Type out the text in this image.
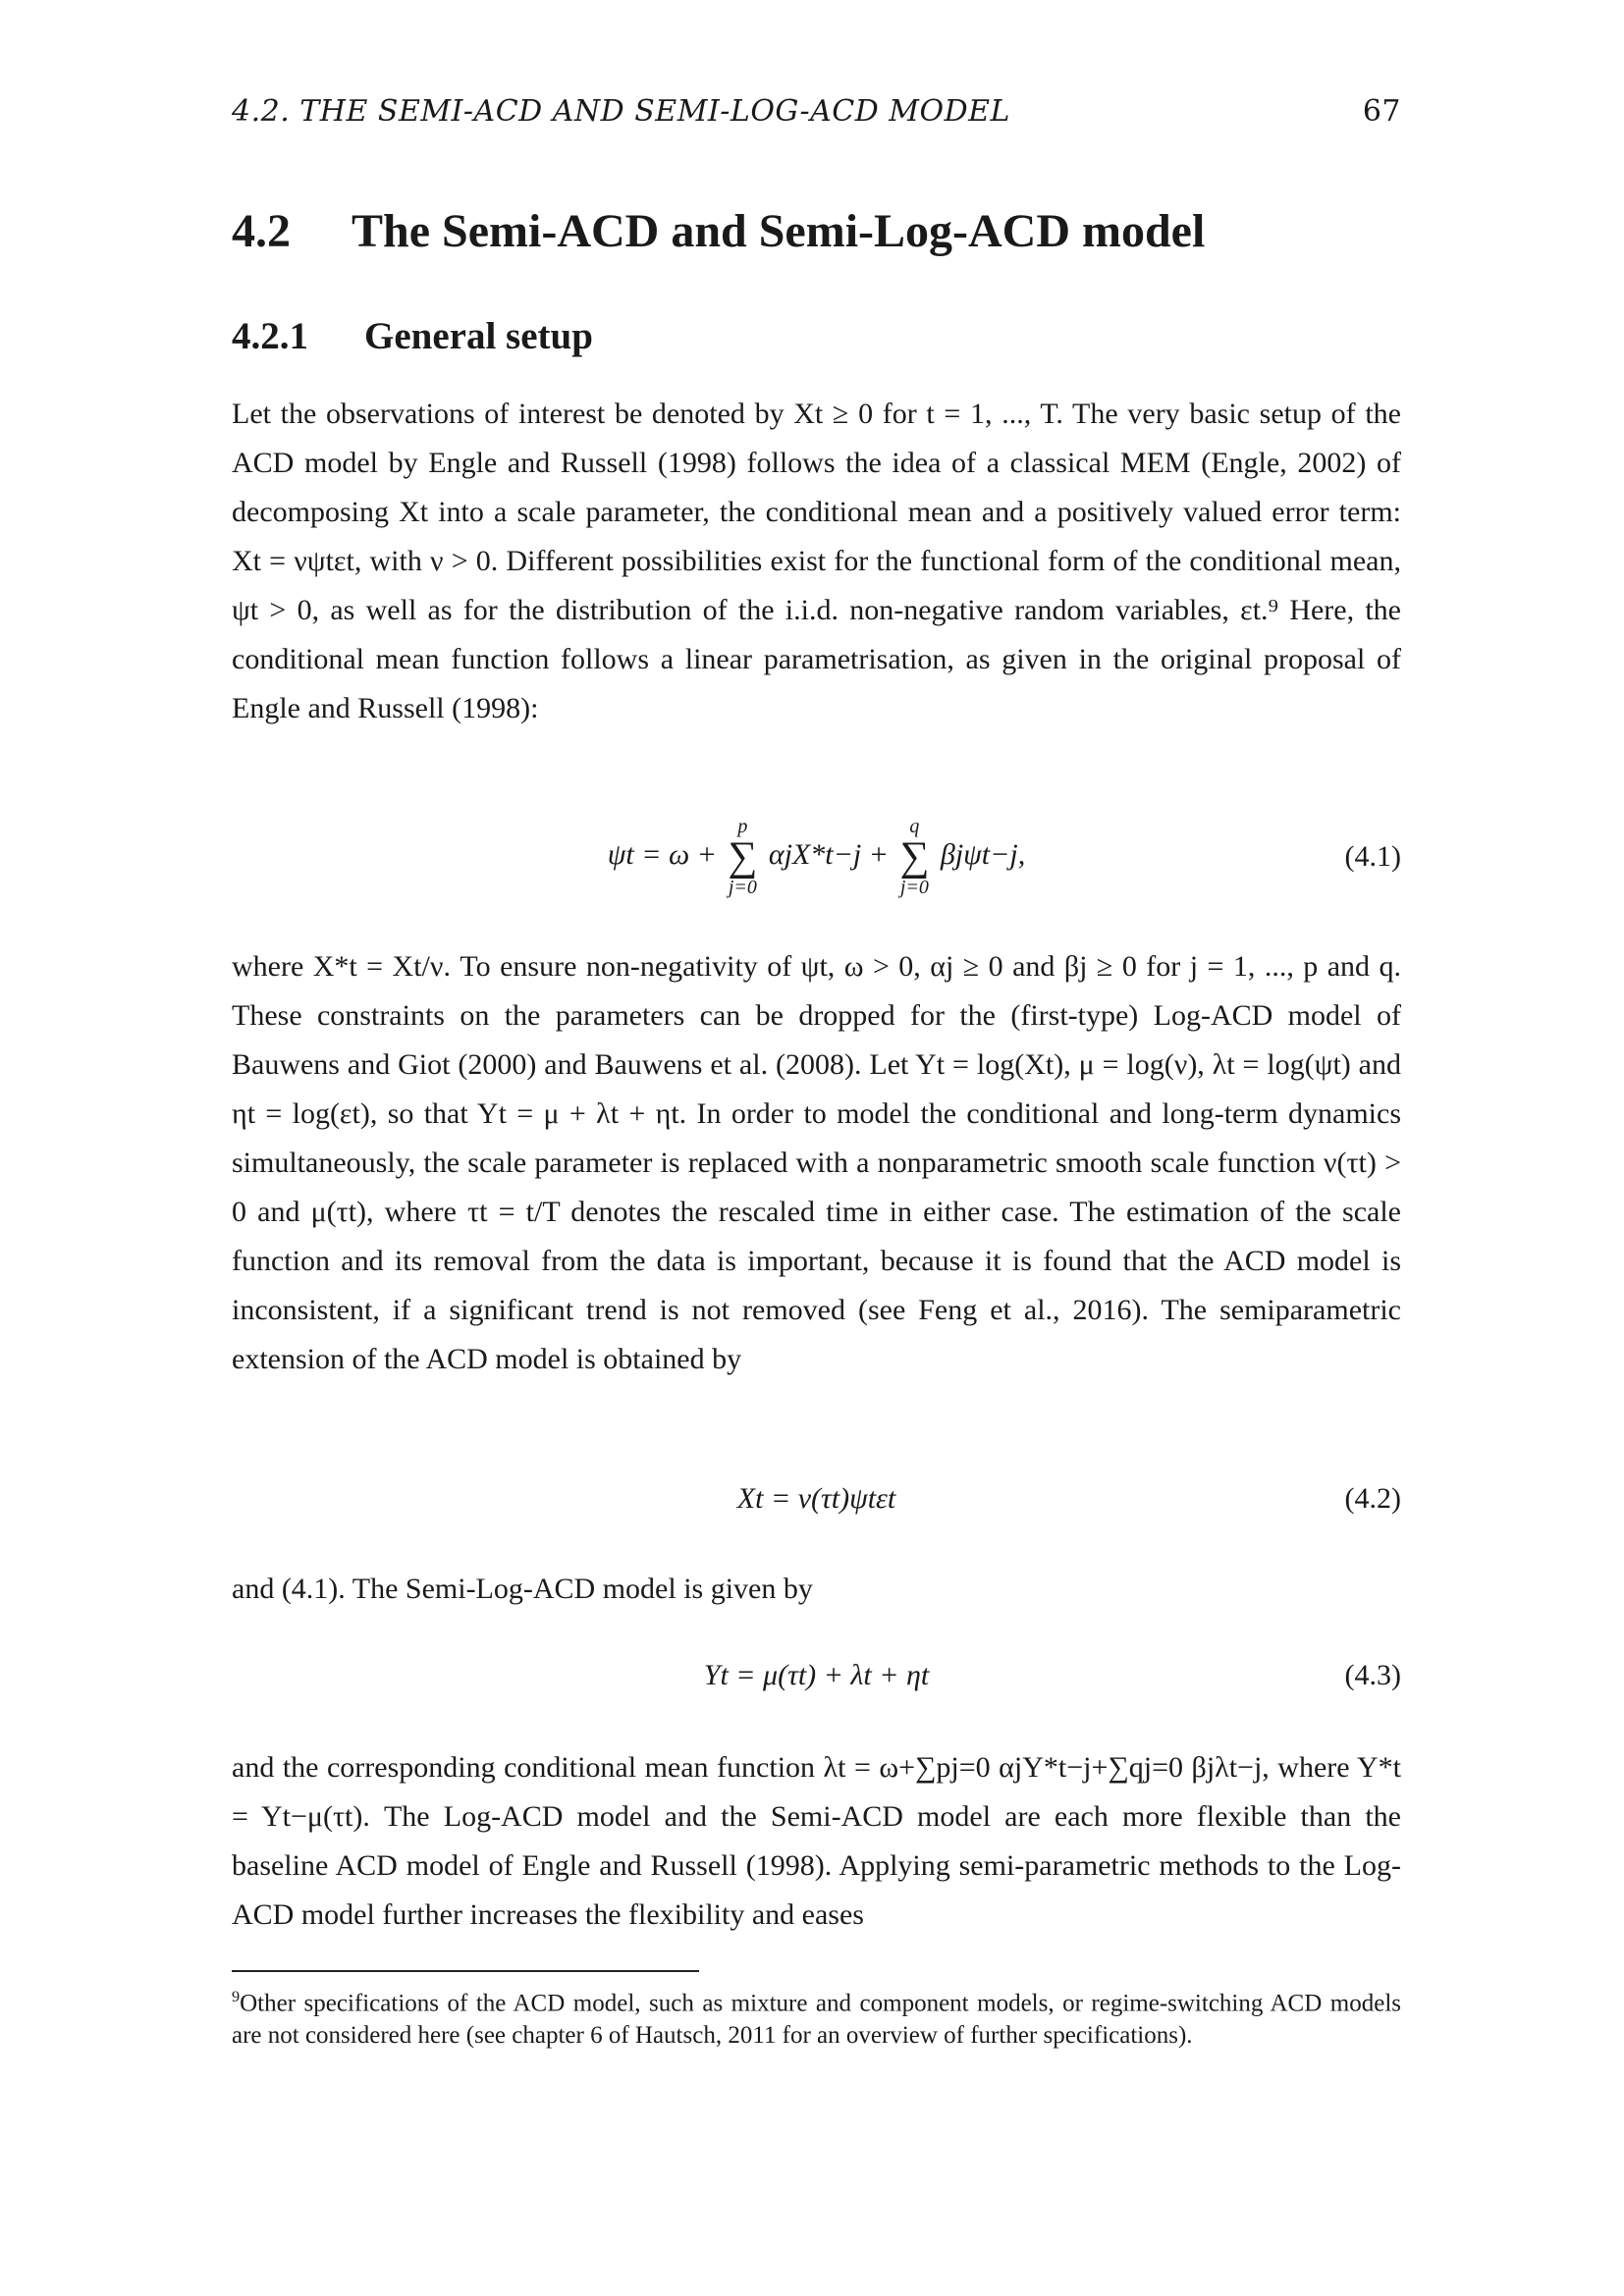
4.2. THE SEMI-ACD AND SEMI-LOG-ACD MODEL	67
4.2 The Semi-ACD and Semi-Log-ACD model
4.2.1 General setup

Let the observations of interest be denoted by Xt ≥ 0 for t = 1, ..., T. The very basic setup of the ACD model by Engle and Russell (1998) follows the idea of a classical MEM (Engle, 2002) of decomposing Xt into a scale parameter, the conditional mean and a positively valued error term: Xt = νψtεt, with ν > 0. Different possibilities exist for the functional form of the conditional mean, ψt > 0, as well as for the distribution of the i.i.d. non-negative random variables, εt.⁹ Here, the conditional mean function follows a linear parametrisation, as given in the original proposal of Engle and Russell (1998):

ψt = ω +
p
∑
j=0
αjX*t−j +
q
∑
j=0
βjψt−j,	(4.1)

where X*t = Xt/ν. To ensure non-negativity of ψt, ω > 0, αj ≥ 0 and βj ≥ 0 for j = 1, ..., p and q. These constraints on the parameters can be dropped for the (first-type) Log-ACD model of Bauwens and Giot (2000) and Bauwens et al. (2008). Let Yt = log(Xt), μ = log(ν), λt = log(ψt) and ηt = log(εt), so that Yt = μ + λt + ηt. In order to model the conditional and long-term dynamics simultaneously, the scale parameter is replaced with a nonparametric smooth scale function ν(τt) > 0 and μ(τt), where τt = t/T denotes the rescaled time in either case. The estimation of the scale function and its removal from the data is important, because it is found that the ACD model is inconsistent, if a significant trend is not removed (see Feng et al., 2016). The semiparametric extension of the ACD model is obtained by

Xt = ν(τt)ψtεt	(4.2)

and (4.1). The Semi-Log-ACD model is given by

Yt = μ(τt) + λt + ηt	(4.3)

and the corresponding conditional mean function λt = ω+∑pj=0 αjY*t−j+∑qj=0 βjλt−j, where Y*t = Yt−μ(τt). The Log-ACD model and the Semi-ACD model are each more flexible than the baseline ACD model of Engle and Russell (1998). Applying semi-parametric methods to the Log-ACD model further increases the flexibility and eases

$^9$Other specifications of the ACD model, such as mixture and component models, or regime-switching ACD models are not considered here (see chapter 6 of Hautsch, 2011 for an overview of further specifications).
